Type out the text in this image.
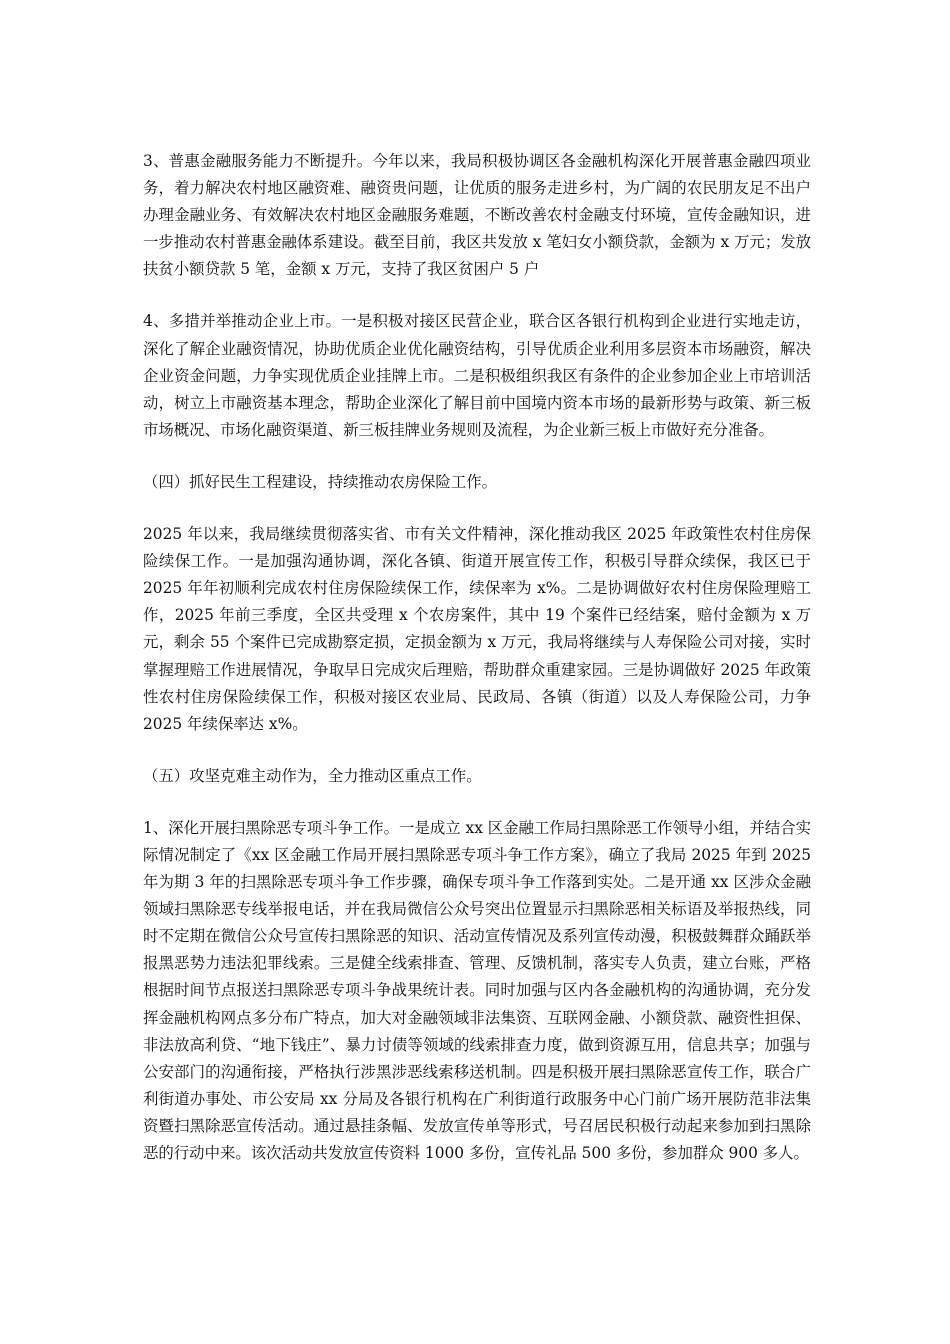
3、普惠金融服务能力不断提升。今年以来，我局积极协调区各金融机构深化开展普惠金融四项业务，着力解决农村地区融资难、融资贵问题，让优质的服务走进乡村，为广阔的农民朋友足不出户办理金融业务、有效解决农村地区金融服务难题，不断改善农村金融支付环境，宣传金融知识，进一步推动农村普惠金融体系建设。截至目前，我区共发放 x 笔妇女小额贷款，金额为 x 万元；发放扶贫小额贷款 5 笔，金额 x 万元，支持了我区贫困户 5 户

4、多措并举推动企业上市。一是积极对接区民营企业，联合区各银行机构到企业进行实地走访，深化了解企业融资情况，协助优质企业优化融资结构，引导优质企业利用多层资本市场融资，解决企业资金问题，力争实现优质企业挂牌上市。二是积极组织我区有条件的企业参加企业上市培训活动，树立上市融资基本理念，帮助企业深化了解目前中国境内资本市场的最新形势与政策、新三板市场概况、市场化融资渠道、新三板挂牌业务规则及流程，为企业新三板上市做好充分准备。

（四）抓好民生工程建设，持续推动农房保险工作。

2025 年以来，我局继续贯彻落实省、市有关文件精神，深化推动我区 2025 年政策性农村住房保险续保工作。一是加强沟通协调，深化各镇、街道开展宣传工作，积极引导群众续保，我区已于 2025 年年初顺利完成农村住房保险续保工作，续保率为 x%。二是协调做好农村住房保险理赔工作，2025 年前三季度，全区共受理 x 个农房案件，其中 19 个案件已经结案，赔付金额为 x 万元，剩余 55 个案件已完成勘察定损，定损金额为 x 万元，我局将继续与人寿保险公司对接，实时掌握理赔工作进展情况，争取早日完成灾后理赔，帮助群众重建家园。三是协调做好 2025 年政策性农村住房保险续保工作，积极对接区农业局、民政局、各镇（街道）以及人寿保险公司，力争 2025 年续保率达 x%。

（五）攻坚克难主动作为，全力推动区重点工作。

1、深化开展扫黑除恶专项斗争工作。一是成立 xx 区金融工作局扫黑除恶工作领导小组，并结合实际情况制定了《xx 区金融工作局开展扫黑除恶专项斗争工作方案》，确立了我局 2025 年到 2025 年为期 3 年的扫黑除恶专项斗争工作步骤，确保专项斗争工作落到实处。二是开通 xx 区涉众金融领域扫黑除恶专线举报电话，并在我局微信公众号突出位置显示扫黑除恶相关标语及举报热线，同时不定期在微信公众号宣传扫黑除恶的知识、活动宣传情况及系列宣传动漫，积极鼓舞群众踊跃举报黑恶势力违法犯罪线索。三是健全线索排查、管理、反馈机制，落实专人负责，建立台账，严格根据时间节点报送扫黑除恶专项斗争战果统计表。同时加强与区内各金融机构的沟通协调，充分发挥金融机构网点多分布广特点，加大对金融领域非法集资、互联网金融、小额贷款、融资性担保、非法放高利贷、“地下钱庄”、暴力讨债等领域的线索排查力度，做到资源互用，信息共享；加强与公安部门的沟通衔接，严格执行涉黑涉恶线索移送机制。四是积极开展扫黑除恶宣传工作，联合广利街道办事处、市公安局 xx 分局及各银行机构在广利街道行政服务中心门前广场开展防范非法集资暨扫黑除恶宣传活动。通过悬挂条幅、发放宣传单等形式，号召居民积极行动起来参加到扫黑除恶的行动中来。该次活动共发放宣传资料 1000 多份，宣传礼品 500 多份，参加群众 900 多人。
